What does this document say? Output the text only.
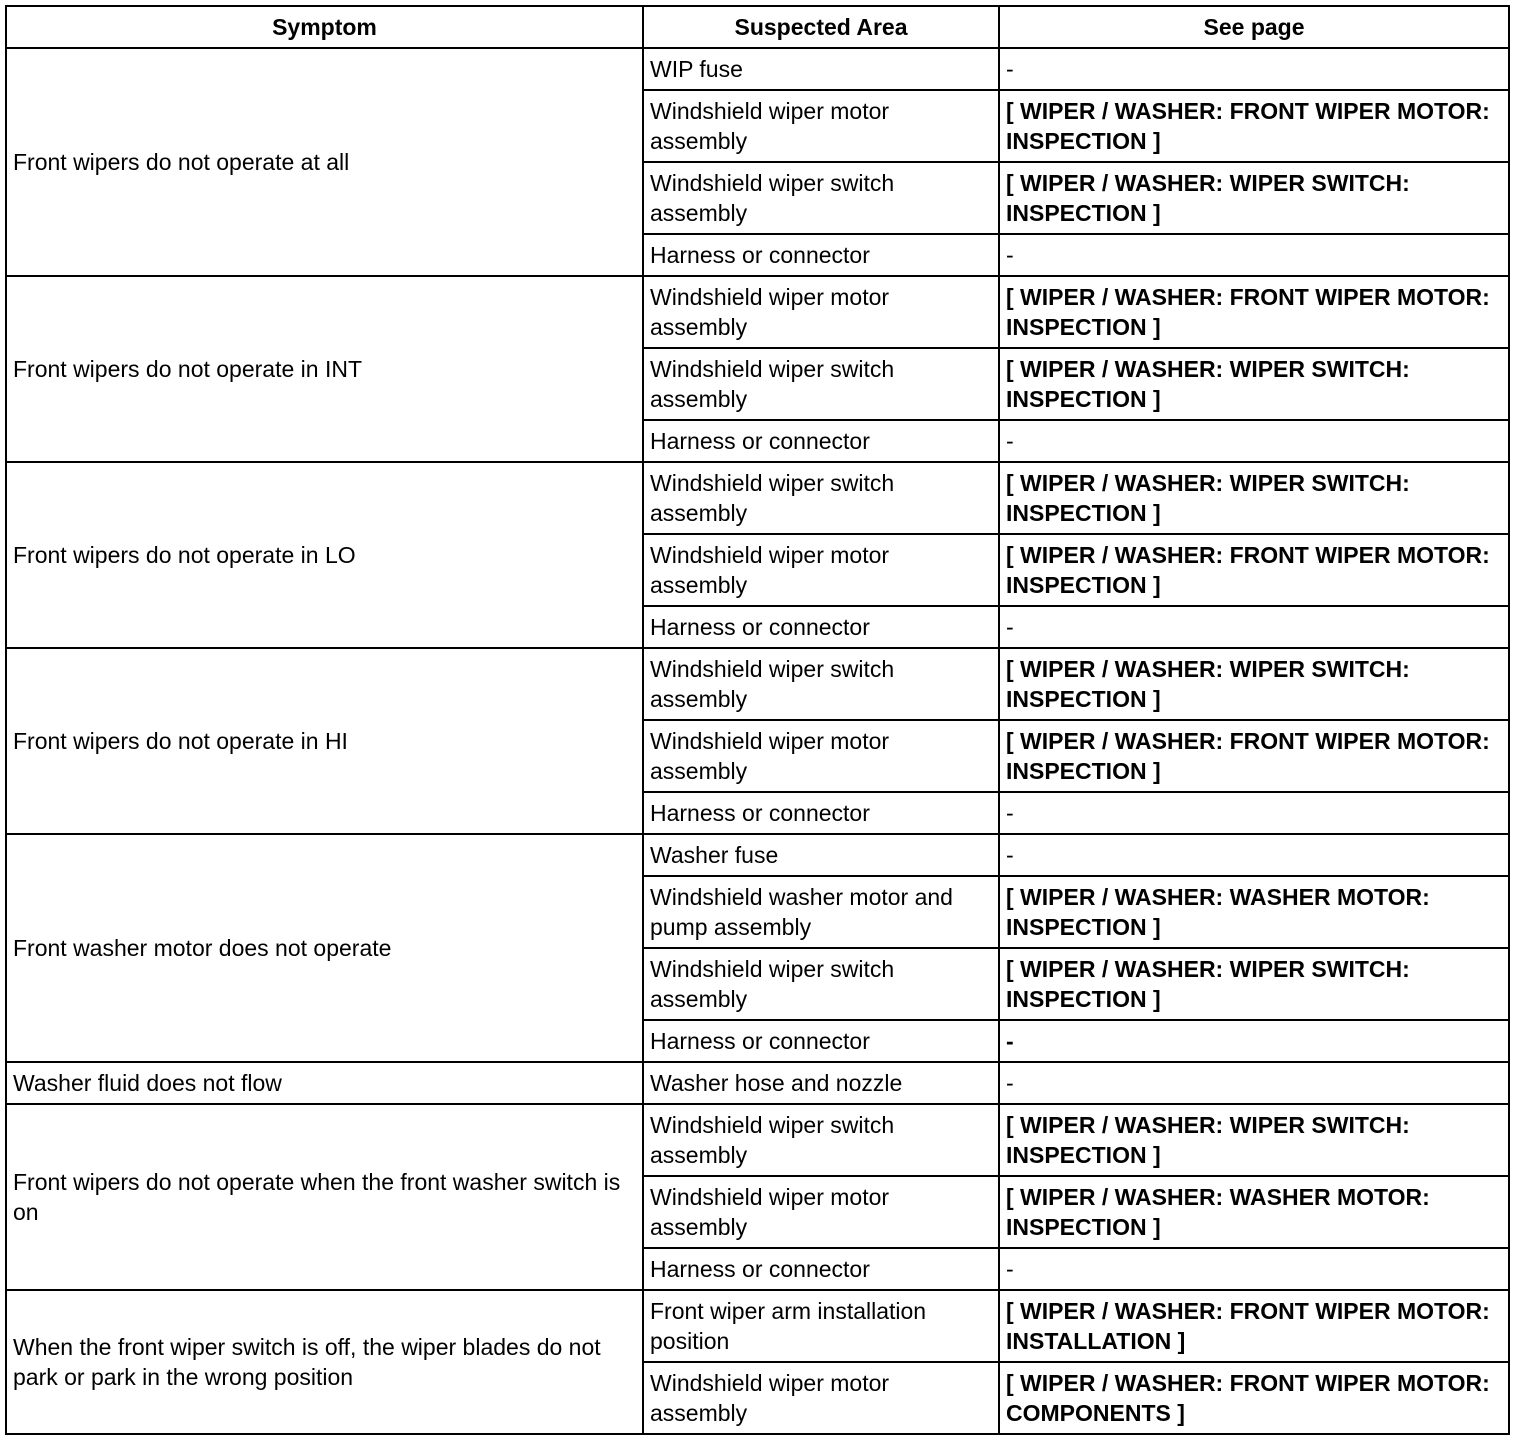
Symptom	Suspected Area	See page
Front wipers do not operate at all	WIP fuse	-
	Windshield wiper motor assembly	[ WIPER / WASHER: FRONT WIPER MOTOR: INSPECTION ]
	Windshield wiper switch assembly	[ WIPER / WASHER: WIPER SWITCH: INSPECTION ]
	Harness or connector	-
Front wipers do not operate in INT	Windshield wiper motor assembly	[ WIPER / WASHER: FRONT WIPER MOTOR: INSPECTION ]
	Windshield wiper switch assembly	[ WIPER / WASHER: WIPER SWITCH: INSPECTION ]
	Harness or connector	-
Front wipers do not operate in LO	Windshield wiper switch assembly	[ WIPER / WASHER: WIPER SWITCH: INSPECTION ]
	Windshield wiper motor assembly	[ WIPER / WASHER: FRONT WIPER MOTOR: INSPECTION ]
	Harness or connector	-
Front wipers do not operate in HI	Windshield wiper switch assembly	[ WIPER / WASHER: WIPER SWITCH: INSPECTION ]
	Windshield wiper motor assembly	[ WIPER / WASHER: FRONT WIPER MOTOR: INSPECTION ]
	Harness or connector	-
Front washer motor does not operate	Washer fuse	-
	Windshield washer motor and pump assembly	[ WIPER / WASHER: WASHER MOTOR: INSPECTION ]
	Windshield wiper switch assembly	[ WIPER / WASHER: WIPER SWITCH: INSPECTION ]
	Harness or connector	-
Washer fluid does not flow	Washer hose and nozzle	-
Front wipers do not operate when the front washer switch is on	Windshield wiper switch assembly	[ WIPER / WASHER: WIPER SWITCH: INSPECTION ]
	Windshield wiper motor assembly	[ WIPER / WASHER: WASHER MOTOR: INSPECTION ]
	Harness or connector	-
When the front wiper switch is off, the wiper blades do not park or park in the wrong position	Front wiper arm installation position	[ WIPER / WASHER: FRONT WIPER MOTOR: INSTALLATION ]
	Windshield wiper motor assembly	[ WIPER / WASHER: FRONT WIPER MOTOR: COMPONENTS ]
